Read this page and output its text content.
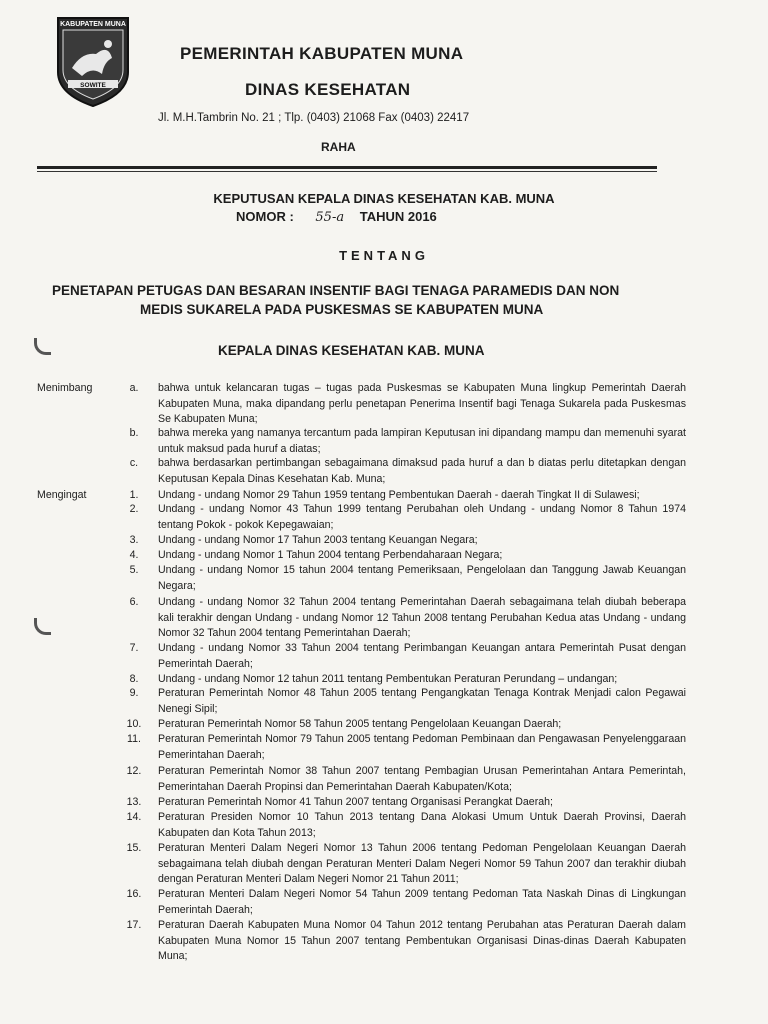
KABUPATEN MUNA
SOWITE
PEMERINTAH KABUPATEN MUNA
DINAS KESEHATAN
Jl. M.H.Tambrin No. 21 ; Tlp. (0403) 21068 Fax (0403) 22417
RAHA
KEPUTUSAN KEPALA DINAS KESEHATAN KAB. MUNA
NOMOR : 55-a TAHUN 2016
TENTANG
PENETAPAN PETUGAS DAN BESARAN INSENTIF BAGI TENAGA PARAMEDIS DAN NON
MEDIS SUKARELA PADA PUSKESMAS SE KABUPATEN MUNA
KEPALA DINAS KESEHATAN KAB. MUNA
Menimbang	a.	bahwa untuk kelancaran tugas – tugas pada Puskesmas se Kabupaten Muna lingkup Pemerintah Daerah Kabupaten Muna, maka dipandang perlu penetapan Penerima Insentif bagi Tenaga Sukarela pada Puskesmas Se Kabupaten Muna;
b.	bahwa mereka yang namanya tercantum pada lampiran Keputusan ini dipandang mampu dan memenuhi syarat untuk maksud pada huruf a diatas;
c.	bahwa berdasarkan pertimbangan sebagaimana dimaksud pada huruf a dan b diatas perlu ditetapkan dengan Keputusan Kepala Dinas Kesehatan Kab. Muna;
Mengingat	1.	Undang - undang Nomor 29 Tahun 1959 tentang Pembentukan Daerah - daerah Tingkat II di Sulawesi;
2.	Undang - undang Nomor 43 Tahun 1999 tentang Perubahan oleh Undang - undang Nomor 8 Tahun 1974 tentang Pokok - pokok Kepegawaian;
3.	Undang - undang Nomor 17 Tahun 2003 tentang Keuangan Negara;
4.	Undang - undang Nomor 1 Tahun 2004 tentang Perbendaharaan Negara;
5.	Undang - undang Nomor 15 tahun 2004 tentang Pemeriksaan, Pengelolaan dan Tanggung Jawab Keuangan Negara;
6.	Undang - undang Nomor 32 Tahun 2004 tentang Pemerintahan Daerah sebagaimana telah diubah beberapa kali terakhir dengan Undang - undang Nomor 12 Tahun 2008 tentang Perubahan Kedua atas Undang - undang Nomor 32 Tahun 2004 tentang Pemerintahan Daerah;
7.	Undang - undang Nomor 33 Tahun 2004 tentang Perimbangan Keuangan antara Pemerintah Pusat dengan Pemerintah Daerah;
8.	Undang - undang Nomor 12 tahun 2011 tentang Pembentukan Peraturan Perundang – undangan;
9.	Peraturan Pemerintah Nomor 48 Tahun 2005 tentang Pengangkatan Tenaga Kontrak Menjadi calon Pegawai Nenegi Sipil;
10.	Peraturan Pemerintah Nomor 58 Tahun 2005 tentang Pengelolaan Keuangan Daerah;
11.	Peraturan Pemerintah Nomor 79 Tahun 2005 tentang Pedoman Pembinaan dan Pengawasan Penyelenggaraan Pemerintahan Daerah;
12.	Peraturan Pemerintah Nomor 38 Tahun 2007 tentang Pembagian Urusan Pemerintahan Antara Pemerintah, Pemerintahan Daerah Propinsi dan Pemerintahan Daerah Kabupaten/Kota;
13.	Peraturan Pemerintah Nomor 41 Tahun 2007 tentang Organisasi Perangkat Daerah;
14.	Peraturan Presiden Nomor 10 Tahun 2013 tentang Dana Alokasi Umum Untuk Daerah Provinsi, Daerah Kabupaten dan Kota Tahun 2013;
15.	Peraturan Menteri Dalam Negeri Nomor 13 Tahun 2006 tentang Pedoman Pengelolaan Keuangan Daerah sebagaimana telah diubah dengan Peraturan Menteri Dalam Negeri Nomor 59 Tahun 2007 dan terakhir diubah dengan Peraturan Menteri Dalam Negeri Nomor 21 Tahun 2011;
16.	Peraturan Menteri Dalam Negeri Nomor 54 Tahun 2009 tentang Pedoman Tata Naskah Dinas di Lingkungan Pemerintah Daerah;
17.	Peraturan Daerah Kabupaten Muna Nomor 04 Tahun 2012 tentang Perubahan atas Peraturan Daerah dalam Kabupaten Muna Nomor 15 Tahun 2007 tentang Pembentukan Organisasi Dinas-dinas Daerah Kabupaten Muna;
